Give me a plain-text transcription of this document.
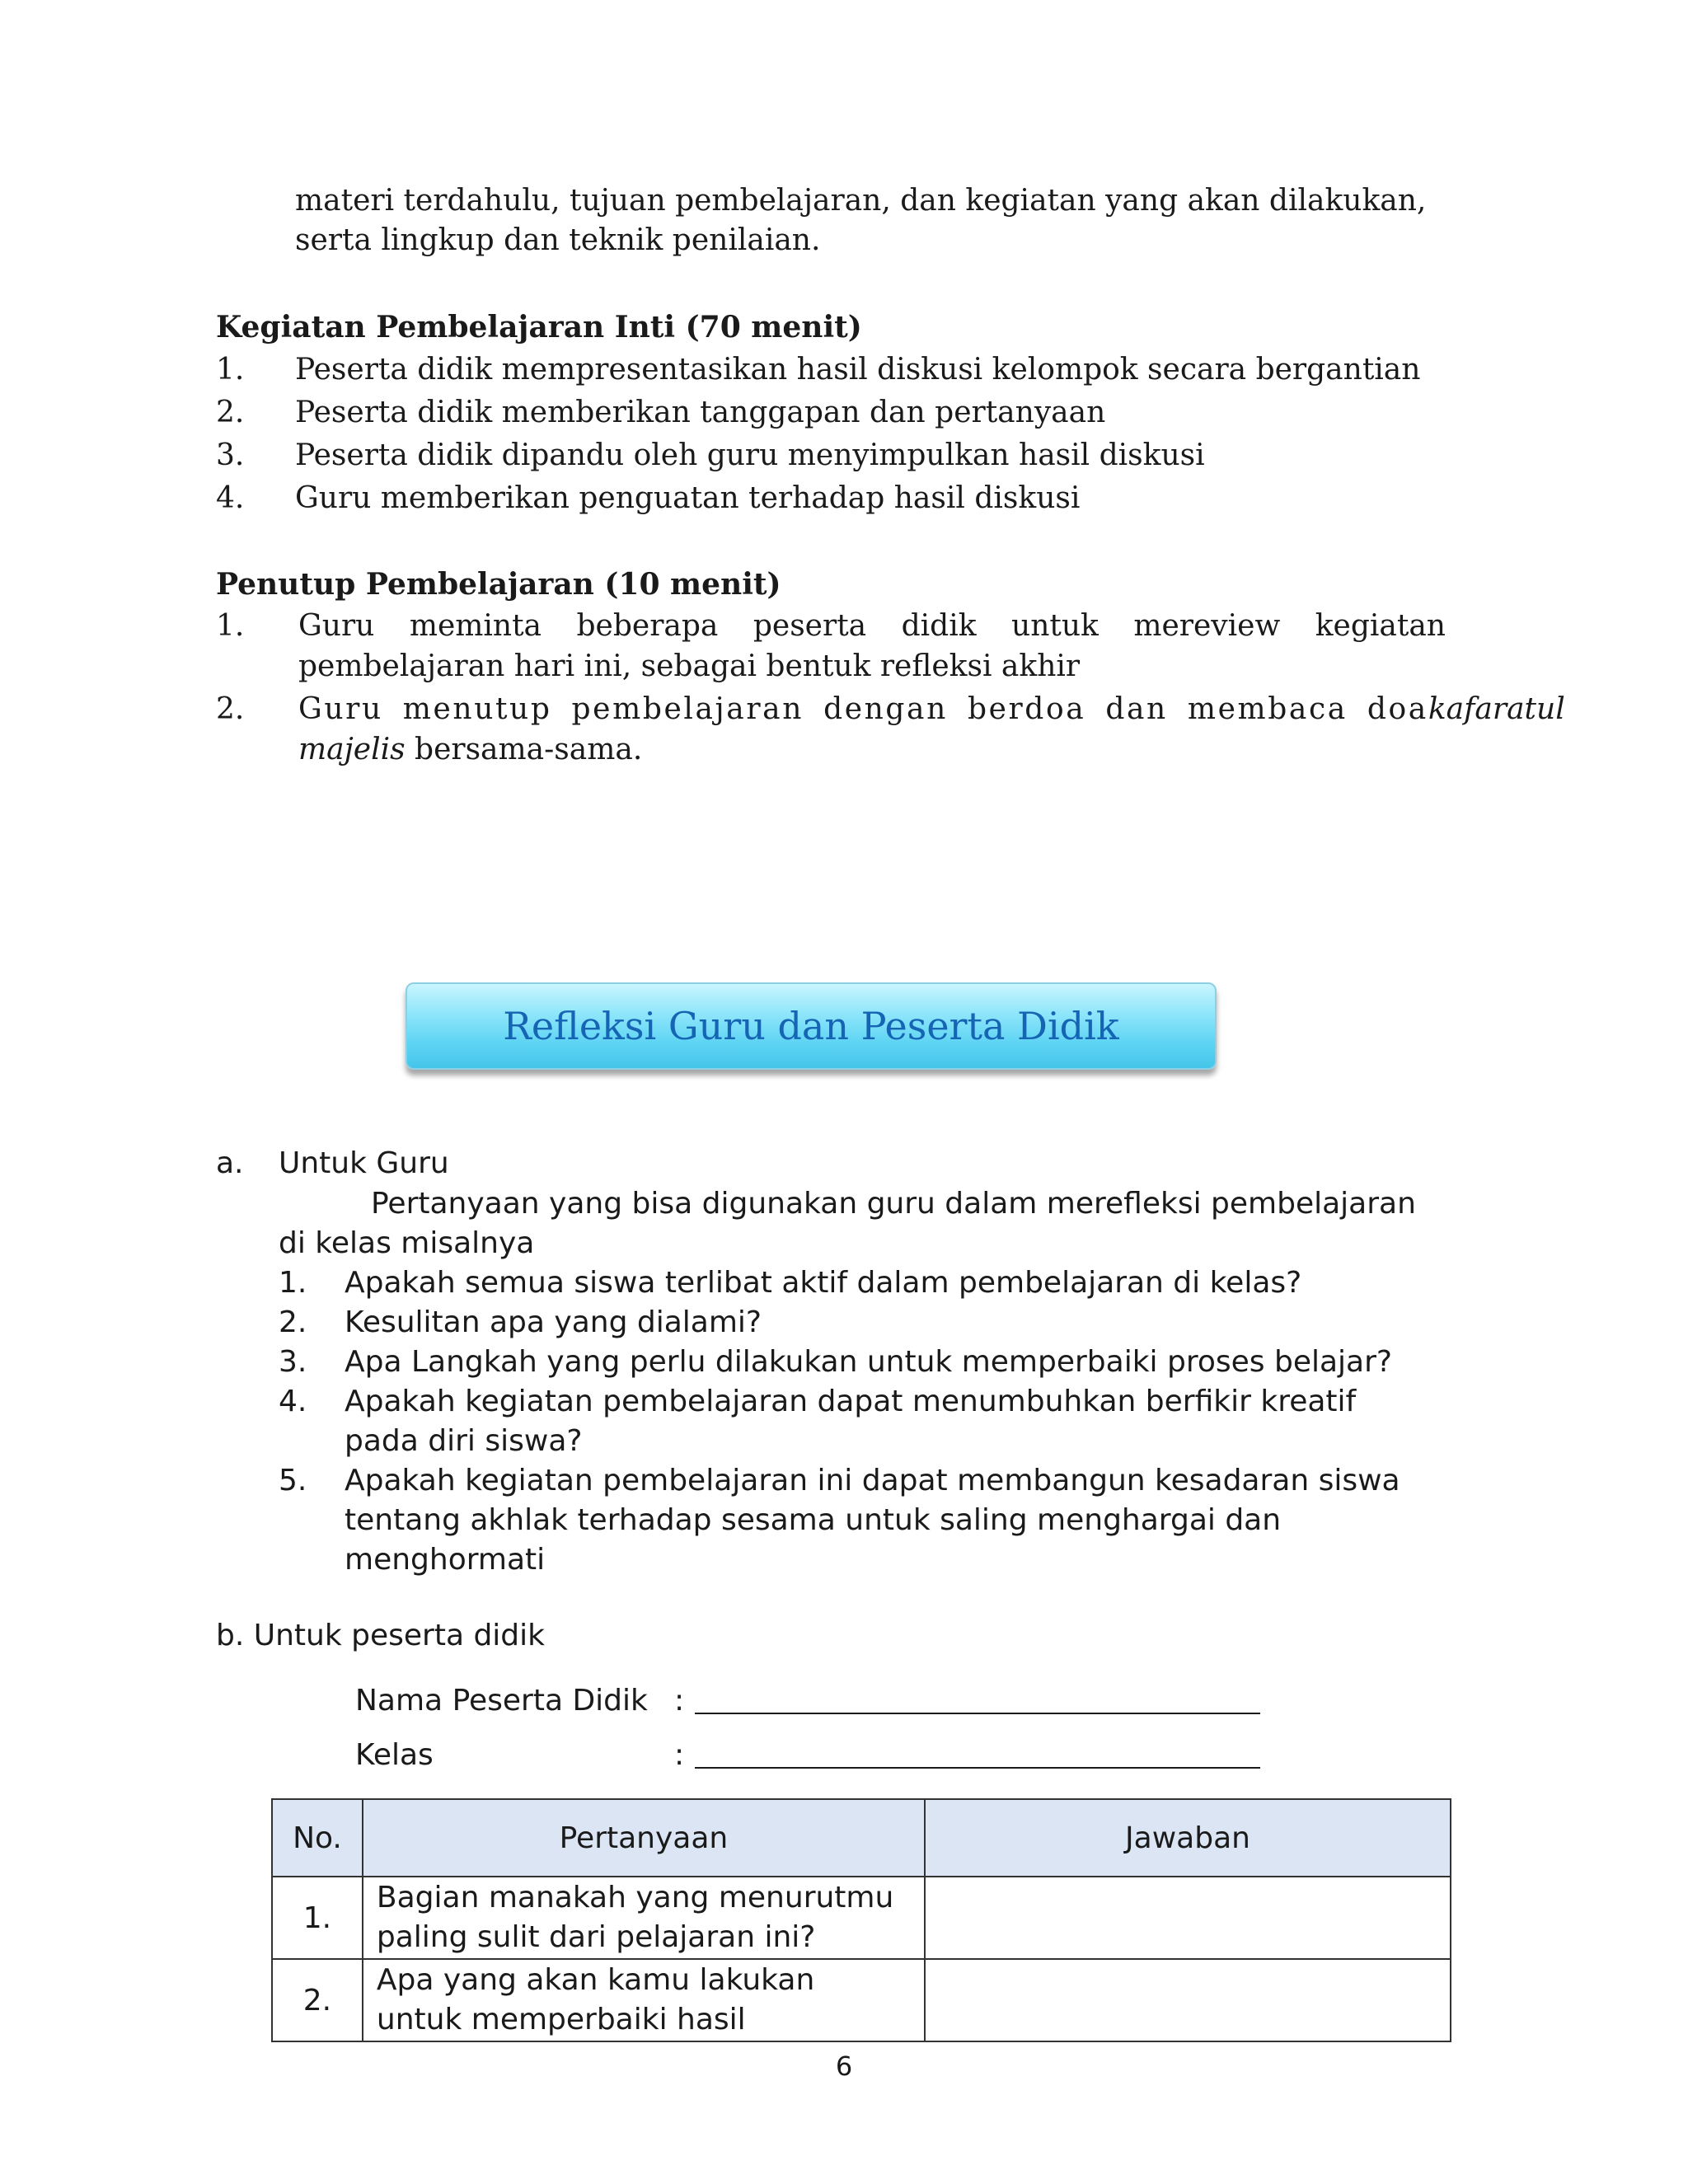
materi terdahulu, tujuan pembelajaran, dan kegiatan yang akan dilakukan,
serta lingkup dan teknik penilaian.
Kegiatan Pembelajaran Inti (70 menit)
1. Peserta didik mempresentasikan hasil diskusi kelompok secara bergantian
2. Peserta didik memberikan tanggapan dan pertanyaan
3. Peserta didik dipandu oleh guru menyimpulkan hasil diskusi
4. Guru memberikan penguatan terhadap hasil diskusi
Penutup Pembelajaran (10 menit)
1. Guru meminta beberapa peserta didik untuk mereview kegiatan
pembelajaran hari ini, sebagai bentuk refleksi akhir
2. Guru menutup pembelajaran dengan berdoa dan membaca doa kafaratul
majelis bersama-sama.
Refleksi Guru dan Peserta Didik
a. Untuk Guru
Pertanyaan yang bisa digunakan guru dalam merefleksi pembelajaran
di kelas misalnya
1. Apakah semua siswa terlibat aktif dalam pembelajaran di kelas?
2. Kesulitan apa yang dialami?
3. Apa Langkah yang perlu dilakukan untuk memperbaiki proses belajar?
4. Apakah kegiatan pembelajaran dapat menumbuhkan berfikir kreatif
pada diri siswa?
5. Apakah kegiatan pembelajaran ini dapat membangun kesadaran siswa
tentang akhlak terhadap sesama untuk saling menghargai dan
menghormati
b. Untuk peserta didik
Nama Peserta Didik :
Kelas	:
No.	Pertanyaan	Jawaban
1.	Bagian manakah yang menurutmu
paling sulit dari pelajaran ini?	

2.	Apa yang akan kamu lakukan
untuk memperbaiki hasil	

6
